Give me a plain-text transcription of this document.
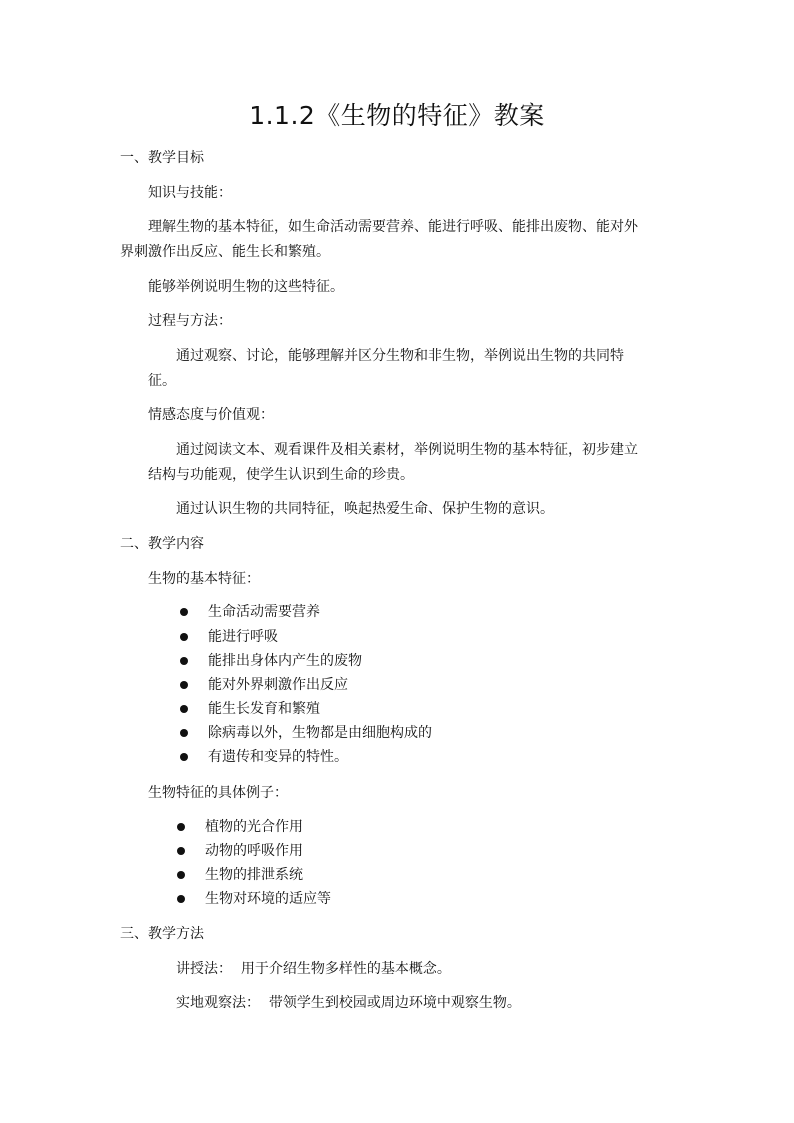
1.1.2《生物的特征》教案
一、教学目标
知识与技能：
理解生物的基本特征，如生命活动需要营养、能进行呼吸、能排出废物、能对外
界刺激作出反应、能生长和繁殖。
能够举例说明生物的这些特征。
过程与方法：
通过观察、讨论，能够理解并区分生物和非生物，举例说出生物的共同特
征。
情感态度与价值观：
通过阅读文本、观看课件及相关素材，举例说明生物的基本特征，初步建立
结构与功能观，使学生认识到生命的珍贵。
通过认识生物的共同特征，唤起热爱生命、保护生物的意识。
二、教学内容
生物的基本特征：
生命活动需要营养
能进行呼吸
能排出身体内产生的废物
能对外界刺激作出反应
能生长发育和繁殖
除病毒以外，生物都是由细胞构成的
有遗传和变异的特性。
生物特征的具体例子：
植物的光合作用
动物的呼吸作用
生物的排泄系统
生物对环境的适应等
三、教学方法
讲授法：  用于介绍生物多样性的基本概念。
实地观察法：  带领学生到校园或周边环境中观察生物。
